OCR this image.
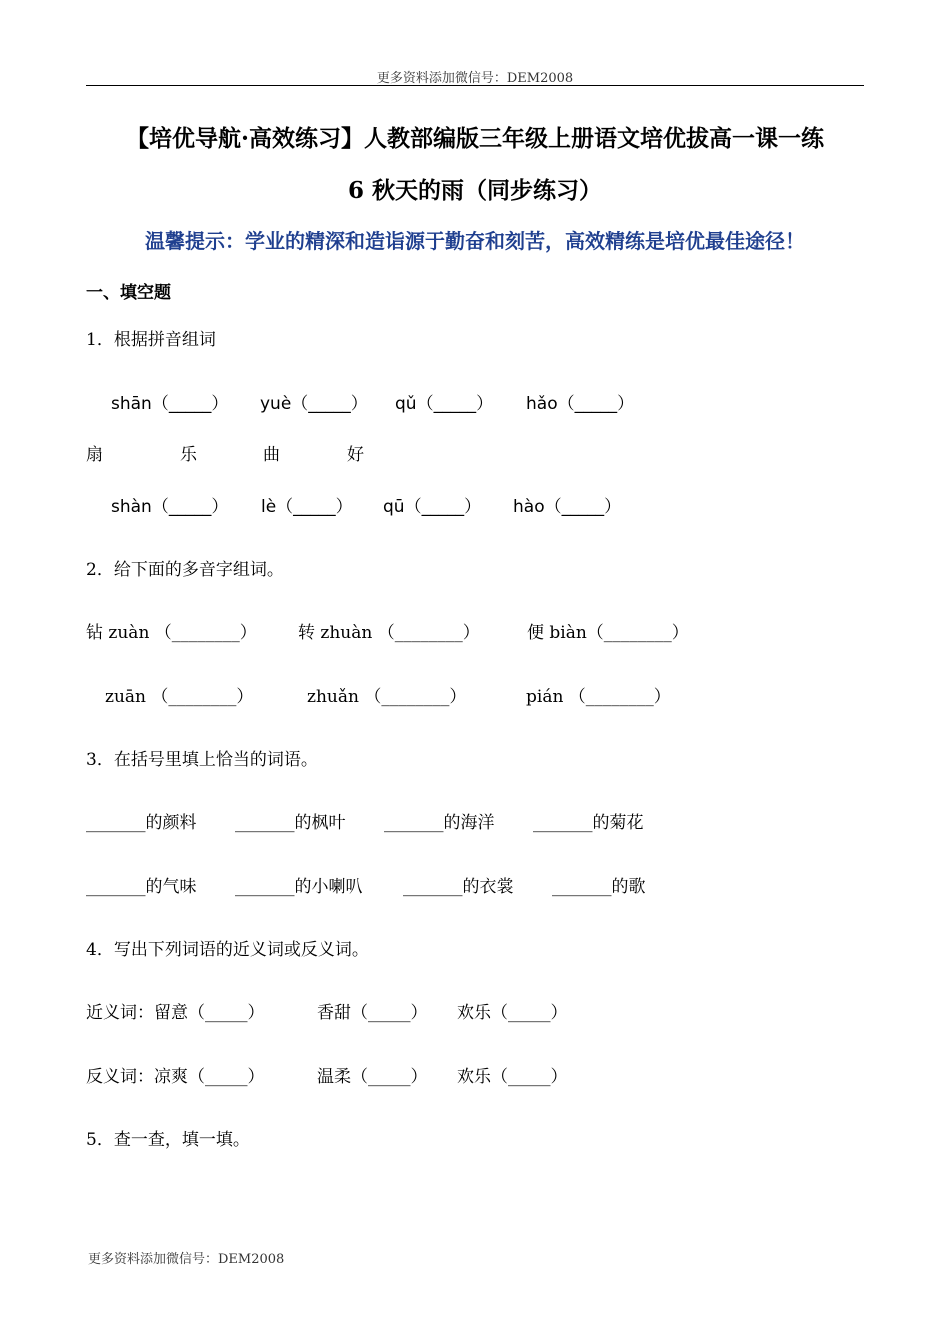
更多资料添加微信号：DEM2008
【培优导航·高效练习】人教部编版三年级上册语文培优拔高一课一练
6 秋天的雨（同步练习）
温馨提示：学业的精深和造诣源于勤奋和刻苦，高效精练是培优最佳途径！
一、填空题
1．根据拼音组词
shān（_____） yuè（_____） qǔ（_____） hǎo（_____）
扇	乐	曲	好
shàn（_____） lè（_____） qū（_____） hào（_____）
2．给下面的多音字组词。
钻 zuàn （________） 转 zhuàn （________）	便 biàn（________）
zuān （________）	zhuǎn （________）	pián （________）
3．在括号里填上恰当的词语。
_______的颜料 _______的枫叶 _______的海洋 _______的菊花
_______的气味 _______的小喇叭 _______的衣裳 _______的歌
4．写出下列词语的近义词或反义词。
近义词：留意（_____）	香甜（_____） 欢乐（_____）
反义词：凉爽（_____）	温柔（_____） 欢乐（_____）
5．查一查，填一填。
更多资料添加微信号：DEM2008
